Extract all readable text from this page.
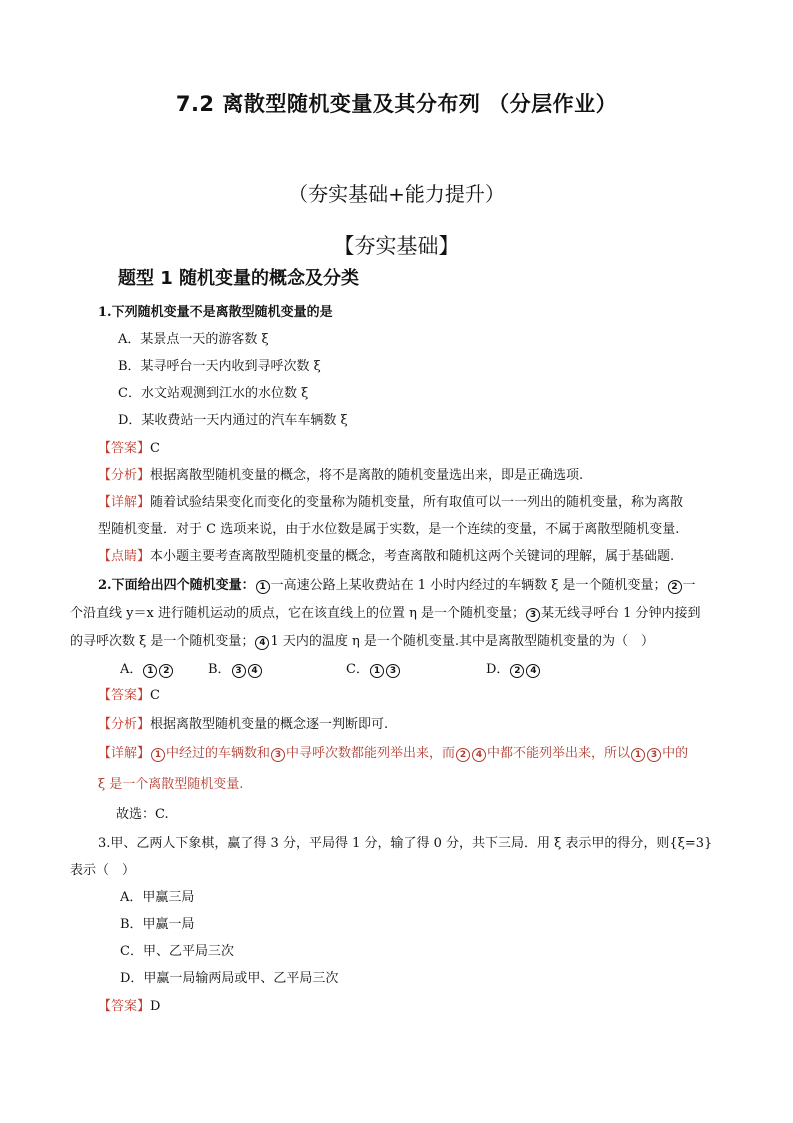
7.2 离散型随机变量及其分布列 （分层作业）
（夯实基础+能力提升）
【夯实基础】
题型 1 随机变量的概念及分类
1.下列随机变量不是离散型随机变量的是
A．某景点一天的游客数 ξ
B．某寻呼台一天内收到寻呼次数 ξ
C．水文站观测到江水的水位数 ξ
D．某收费站一天内通过的汽车车辆数 ξ
【答案】C
【分析】根据离散型随机变量的概念，将不是离散的随机变量选出来，即是正确选项.
【详解】随着试验结果变化而变化的变量称为随机变量，所有取值可以一一列出的随机变量，称为离散
型随机变量．对于 C 选项来说，由于水位数是属于实数，是一个连续的变量，不属于离散型随机变量.
【点睛】本小题主要考查离散型随机变量的概念，考查离散和随机这两个关键词的理解，属于基础题.
2.下面给出四个随机变量： 1 一高速公路上某收费站在 1 小时内经过的车辆数 ξ 是一个随机变量； 2 一
个沿直线 y＝x 进行随机运动的质点，它在该直线上的位置 η 是一个随机变量； 3 某无线寻呼台 1 分钟内接到
的寻呼次数 ξ 是一个随机变量； 4 1 天内的温度 η 是一个随机变量.其中是离散型随机变量的为（　）
A． 1 2	B． 3 4	C． 1 3	D． 2 4
【答案】C
【分析】根据离散型随机变量的概念逐一判断即可.
【详解】 1 中经过的车辆数和 3 中寻呼次数都能列举出来，而 2 4 中都不能列举出来，所以 1 3 中的
ξ 是一个离散型随机变量.
故选：C.
3.甲、乙两人下象棋，赢了得 3 分，平局得 1 分，输了得 0 分，共下三局．用 ξ 表示甲的得分，则{ξ=3}
表示（　）
A．甲赢三局
B．甲赢一局
C．甲、乙平局三次
D．甲赢一局输两局或甲、乙平局三次
【答案】D
